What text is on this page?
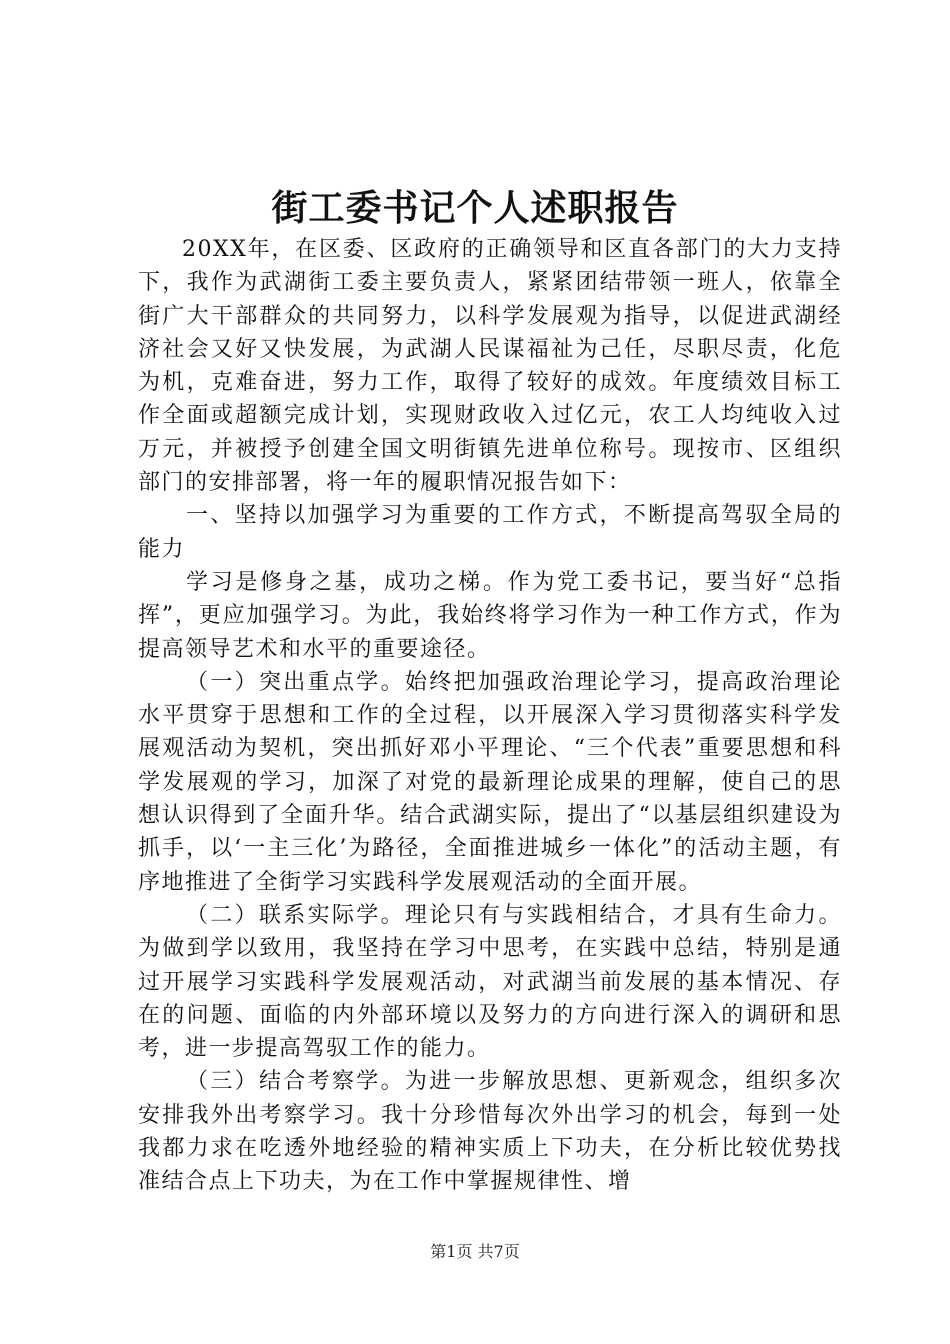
街工委书记个人述职报告

20XX年，在区委、区政府的正确领导和区直各部门的大力支持下，我作为武湖街工委主要负责人，紧紧团结带领一班人，依靠全街广大干部群众的共同努力，以科学发展观为指导，以促进武湖经济社会又好又快发展，为武湖人民谋福祉为己任，尽职尽责，化危为机，克难奋进，努力工作，取得了较好的成效。年度绩效目标工作全面或超额完成计划，实现财政收入过亿元，农工人均纯收入过万元，并被授予创建全国文明街镇先进单位称号。现按市、区组织部门的安排部署，将一年的履职情况报告如下：

一、坚持以加强学习为重要的工作方式，不断提高驾驭全局的能力

学习是修身之基，成功之梯。作为党工委书记，要当好“总指挥”，更应加强学习。为此，我始终将学习作为一种工作方式，作为提高领导艺术和水平的重要途径。

（一）突出重点学。始终把加强政治理论学习，提高政治理论水平贯穿于思想和工作的全过程，以开展深入学习贯彻落实科学发展观活动为契机，突出抓好邓小平理论、“三个代表”重要思想和科学发展观的学习，加深了对党的最新理论成果的理解，使自己的思想认识得到了全面升华。结合武湖实际，提出了“以基层组织建设为抓手，以‘一主三化’为路径，全面推进城乡一体化”的活动主题，有序地推进了全街学习实践科学发展观活动的全面开展。

（二）联系实际学。理论只有与实践相结合，才具有生命力。为做到学以致用，我坚持在学习中思考，在实践中总结，特别是通过开展学习实践科学发展观活动，对武湖当前发展的基本情况、存在的问题、面临的内外部环境以及努力的方向进行深入的调研和思考，进一步提高驾驭工作的能力。

（三）结合考察学。为进一步解放思想、更新观念，组织多次安排我外出考察学习。我十分珍惜每次外出学习的机会，每到一处我都力求在吃透外地经验的精神实质上下功夫，在分析比较优势找准结合点上下功夫，为在工作中掌握规律性、增

第1页 共7页
